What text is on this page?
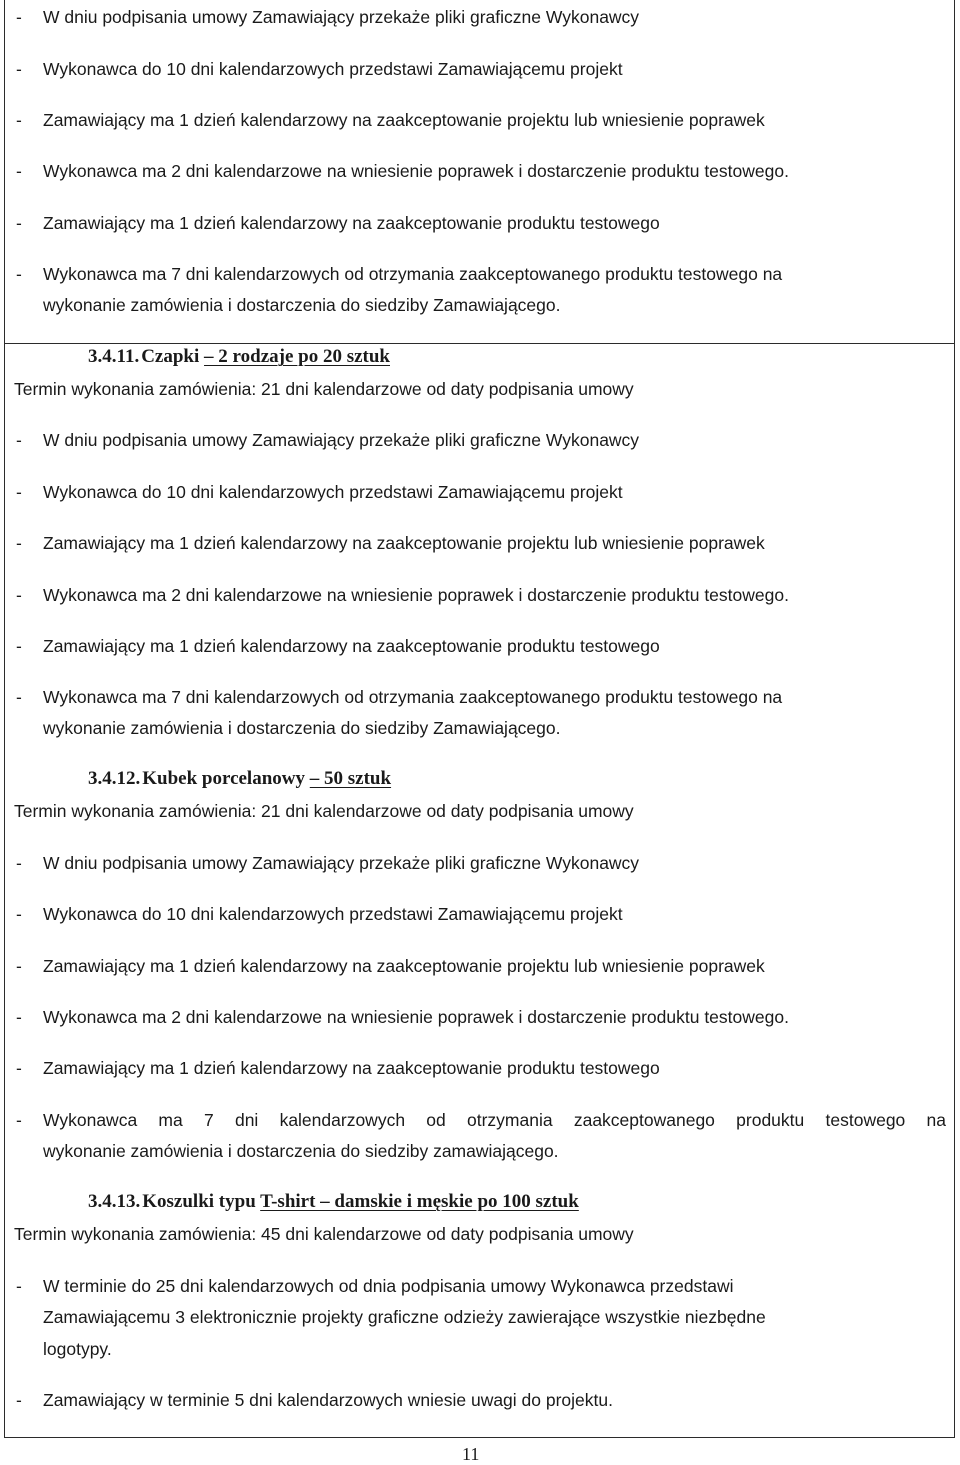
-	W dniu podpisania umowy Zamawiający przekaże pliki graficzne Wykonawcy
-	Wykonawca do 10 dni kalendarzowych przedstawi Zamawiającemu projekt
-	Zamawiający ma 1 dzień kalendarzowy na zaakceptowanie projektu lub wniesienie poprawek
-	Wykonawca ma 2 dni kalendarzowe na wniesienie poprawek i dostarczenie produktu testowego.
-	Zamawiający ma 1 dzień kalendarzowy na zaakceptowanie produktu testowego
-	Wykonawca ma 7 dni kalendarzowych od otrzymania zaakceptowanego produktu testowego na
wykonanie zamówienia i dostarczenia do siedziby Zamawiającego.
3.4.11. Czapki – 2 rodzaje po 20 sztuk
Termin wykonania zamówienia: 21 dni kalendarzowe od daty podpisania umowy
-	W dniu podpisania umowy Zamawiający przekaże pliki graficzne Wykonawcy
-	Wykonawca do 10 dni kalendarzowych przedstawi Zamawiającemu projekt
-	Zamawiający ma 1 dzień kalendarzowy na zaakceptowanie projektu lub wniesienie poprawek
-	Wykonawca ma 2 dni kalendarzowe na wniesienie poprawek i dostarczenie produktu testowego.
-	Zamawiający ma 1 dzień kalendarzowy na zaakceptowanie produktu testowego
-	Wykonawca ma 7 dni kalendarzowych od otrzymania zaakceptowanego produktu testowego na
wykonanie zamówienia i dostarczenia do siedziby Zamawiającego.
3.4.12. Kubek porcelanowy – 50 sztuk
Termin wykonania zamówienia: 21 dni kalendarzowe od daty podpisania umowy
-	W dniu podpisania umowy Zamawiający przekaże pliki graficzne Wykonawcy
-	Wykonawca do 10 dni kalendarzowych przedstawi Zamawiającemu projekt
-	Zamawiający ma 1 dzień kalendarzowy na zaakceptowanie projektu lub wniesienie poprawek
-	Wykonawca ma 2 dni kalendarzowe na wniesienie poprawek i dostarczenie produktu testowego.
-	Zamawiający ma 1 dzień kalendarzowy na zaakceptowanie produktu testowego
-	Wykonawca ma 7 dni kalendarzowych od otrzymania zaakceptowanego produktu testowego na
wykonanie zamówienia i dostarczenia do siedziby zamawiającego.
3.4.13. Koszulki typu T-shirt – damskie i męskie po 100 sztuk
Termin wykonania zamówienia: 45 dni kalendarzowe od daty podpisania umowy
-	W terminie do 25 dni kalendarzowych od dnia podpisania umowy Wykonawca przedstawi
Zamawiającemu 3 elektronicznie projekty graficzne odzieży zawierające wszystkie niezbędne
logotypy.
-	Zamawiający w terminie 5 dni kalendarzowych wniesie uwagi do projektu.
11
